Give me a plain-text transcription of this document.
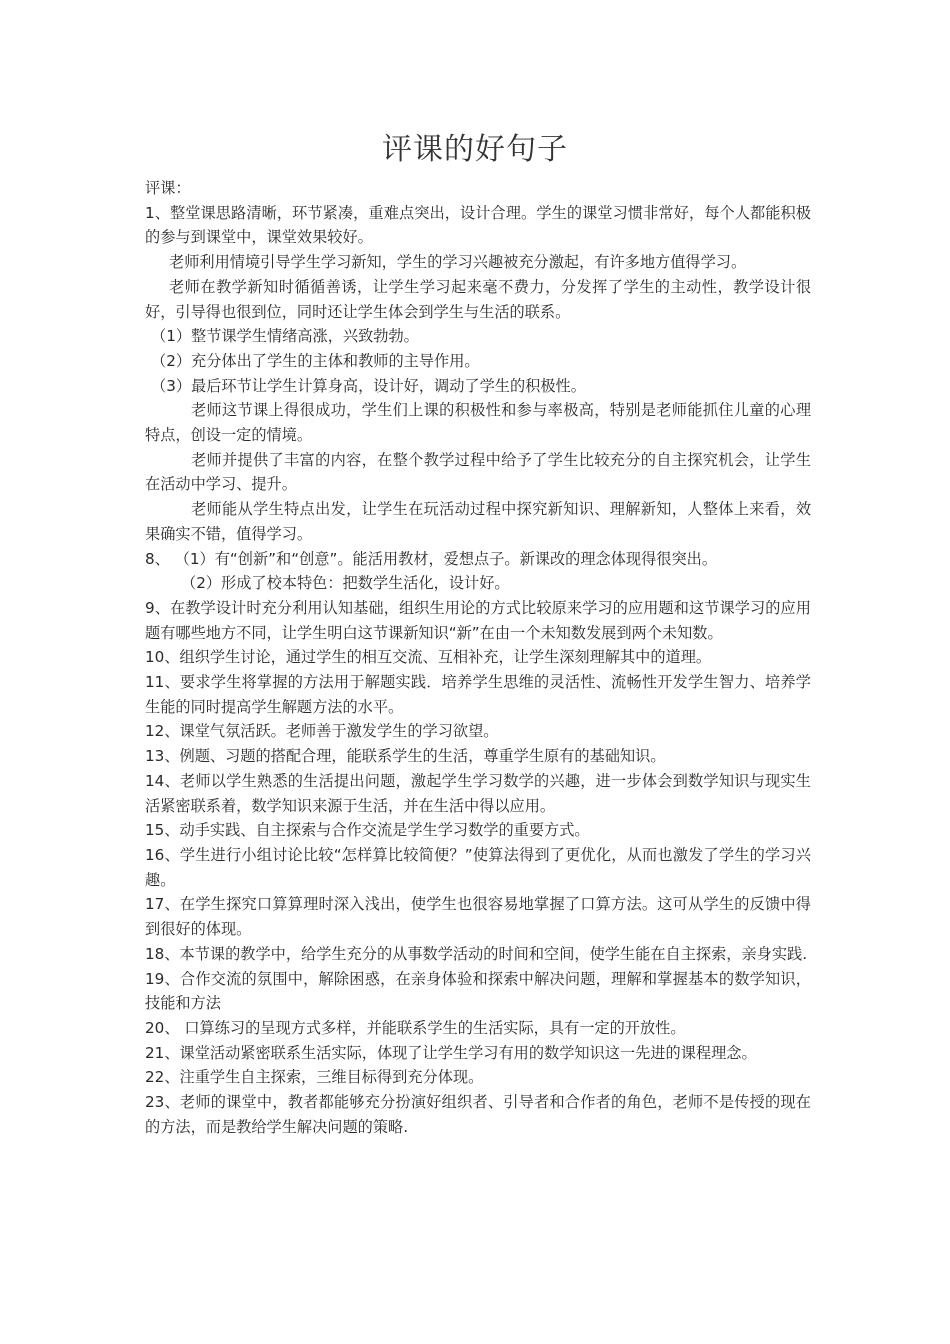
评课的好句子

评课：

1、整堂课思路清晰，环节紧凑，重难点突出，设计合理。学生的课堂习惯非常好，每个人都能积极的参与到课堂中，课堂效果较好。

老师利用情境引导学生学习新知，学生的学习兴趣被充分激起，有许多地方值得学习。

老师在教学新知时循循善诱，让学生学习起来毫不费力，分发挥了学生的主动性，教学设计很好，引导得也很到位，同时还让学生体会到学生与生活的联系。

（1）整节课学生情绪高涨，兴致勃勃。

（2）充分体出了学生的主体和教师的主导作用。

（3）最后环节让学生计算身高，设计好，调动了学生的积极性。

老师这节课上得很成功，学生们上课的积极性和参与率极高，特别是老师能抓住儿童的心理特点，创设一定的情境。

老师并提供了丰富的内容，在整个教学过程中给予了学生比较充分的自主探究机会，让学生在活动中学习、提升。

老师能从学生特点出发，让学生在玩活动过程中探究新知识、理解新知，人整体上来看，效果确实不错，值得学习。

8、 （1）有“创新”和“创意”。能活用教材，爱想点子。新课改的理念体现得很突出。

（2）形成了校本特色：把数学生活化，设计好。

9、在教学设计时充分利用认知基础，组织生用论的方式比较原来学习的应用题和这节课学习的应用题有哪些地方不同，让学生明白这节课新知识“新”在由一个未知数发展到两个未知数。

10、组织学生讨论，通过学生的相互交流、互相补充，让学生深刻理解其中的道理。

11、要求学生将掌握的方法用于解题实践．培养学生思维的灵活性、流畅性开发学生智力、培养学生能的同时提高学生解题方法的水平。

12、课堂气氛活跃。老师善于激发学生的学习欲望。

13、例题、习题的搭配合理，能联系学生的生活，尊重学生原有的基础知识。

14、老师以学生熟悉的生活提出问题，激起学生学习数学的兴趣，进一步体会到数学知识与现实生活紧密联系着，数学知识来源于生活，并在生活中得以应用。

15、动手实践、自主探索与合作交流是学生学习数学的重要方式。

16、学生进行小组讨论比较“怎样算比较简便？”使算法得到了更优化，从而也激发了学生的学习兴趣。

17、在学生探究口算算理时深入浅出，使学生也很容易地掌握了口算方法。这可从学生的反馈中得到很好的体现。

18、本节课的教学中，给学生充分的从事数学活动的时间和空间，使学生能在自主探索，亲身实践.

19、合作交流的氛围中，解除困惑，在亲身体验和探索中解决问题，理解和掌握基本的数学知识，技能和方法

20、 口算练习的呈现方式多样，并能联系学生的生活实际，具有一定的开放性。

21、课堂活动紧密联系生活实际，体现了让学生学习有用的数学知识这一先进的课程理念。

22、注重学生自主探索，三维目标得到充分体现。

23、老师的课堂中，教者都能够充分扮演好组织者、引导者和合作者的角色，老师不是传授的现在的方法，而是教给学生解决问题的策略.
